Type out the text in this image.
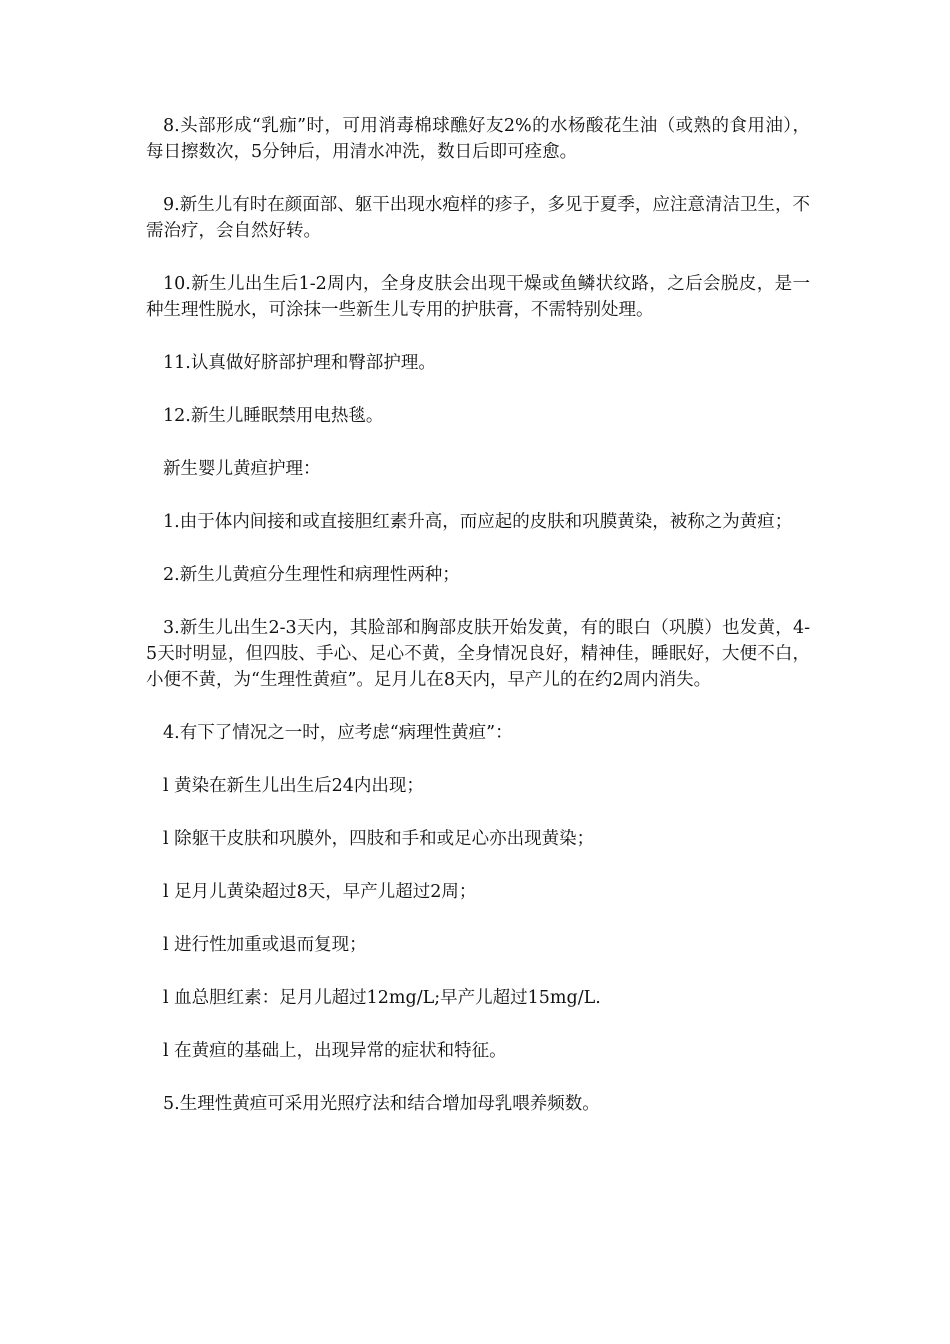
8.头部形成“乳痂”时，可用消毒棉球醮好友2%的水杨酸花生油（或熟的食用油），每日擦数次，5分钟后，用清水冲洗，数日后即可痊愈。

9.新生儿有时在颜面部、躯干出现水疱样的疹子，多见于夏季，应注意清洁卫生，不需治疗，会自然好转。

10.新生儿出生后1-2周内，全身皮肤会出现干燥或鱼鳞状纹路，之后会脱皮，是一种生理性脱水，可涂抹一些新生儿专用的护肤膏，不需特别处理。

11.认真做好脐部护理和臀部护理。

12.新生儿睡眠禁用电热毯。

新生婴儿黄疸护理：

1.由于体内间接和或直接胆红素升高，而应起的皮肤和巩膜黄染，被称之为黄疸；

2.新生儿黄疸分生理性和病理性两种；

3.新生儿出生2-3天内，其脸部和胸部皮肤开始发黄，有的眼白（巩膜）也发黄，4-5天时明显，但四肢、手心、足心不黄，全身情况良好，精神佳，睡眠好，大便不白，小便不黄，为“生理性黄疸”。足月儿在8天内，早产儿的在约2周内消失。

4.有下了情况之一时，应考虑“病理性黄疸”：

l 黄染在新生儿出生后24内出现；

l 除躯干皮肤和巩膜外，四肢和手和或足心亦出现黄染；

l 足月儿黄染超过8天，早产儿超过2周；

l 进行性加重或退而复现；

l 血总胆红素：足月儿超过12mg/L;早产儿超过15mg/L.

l 在黄疸的基础上，出现异常的症状和特征。

5.生理性黄疸可采用光照疗法和结合增加母乳喂养频数。
